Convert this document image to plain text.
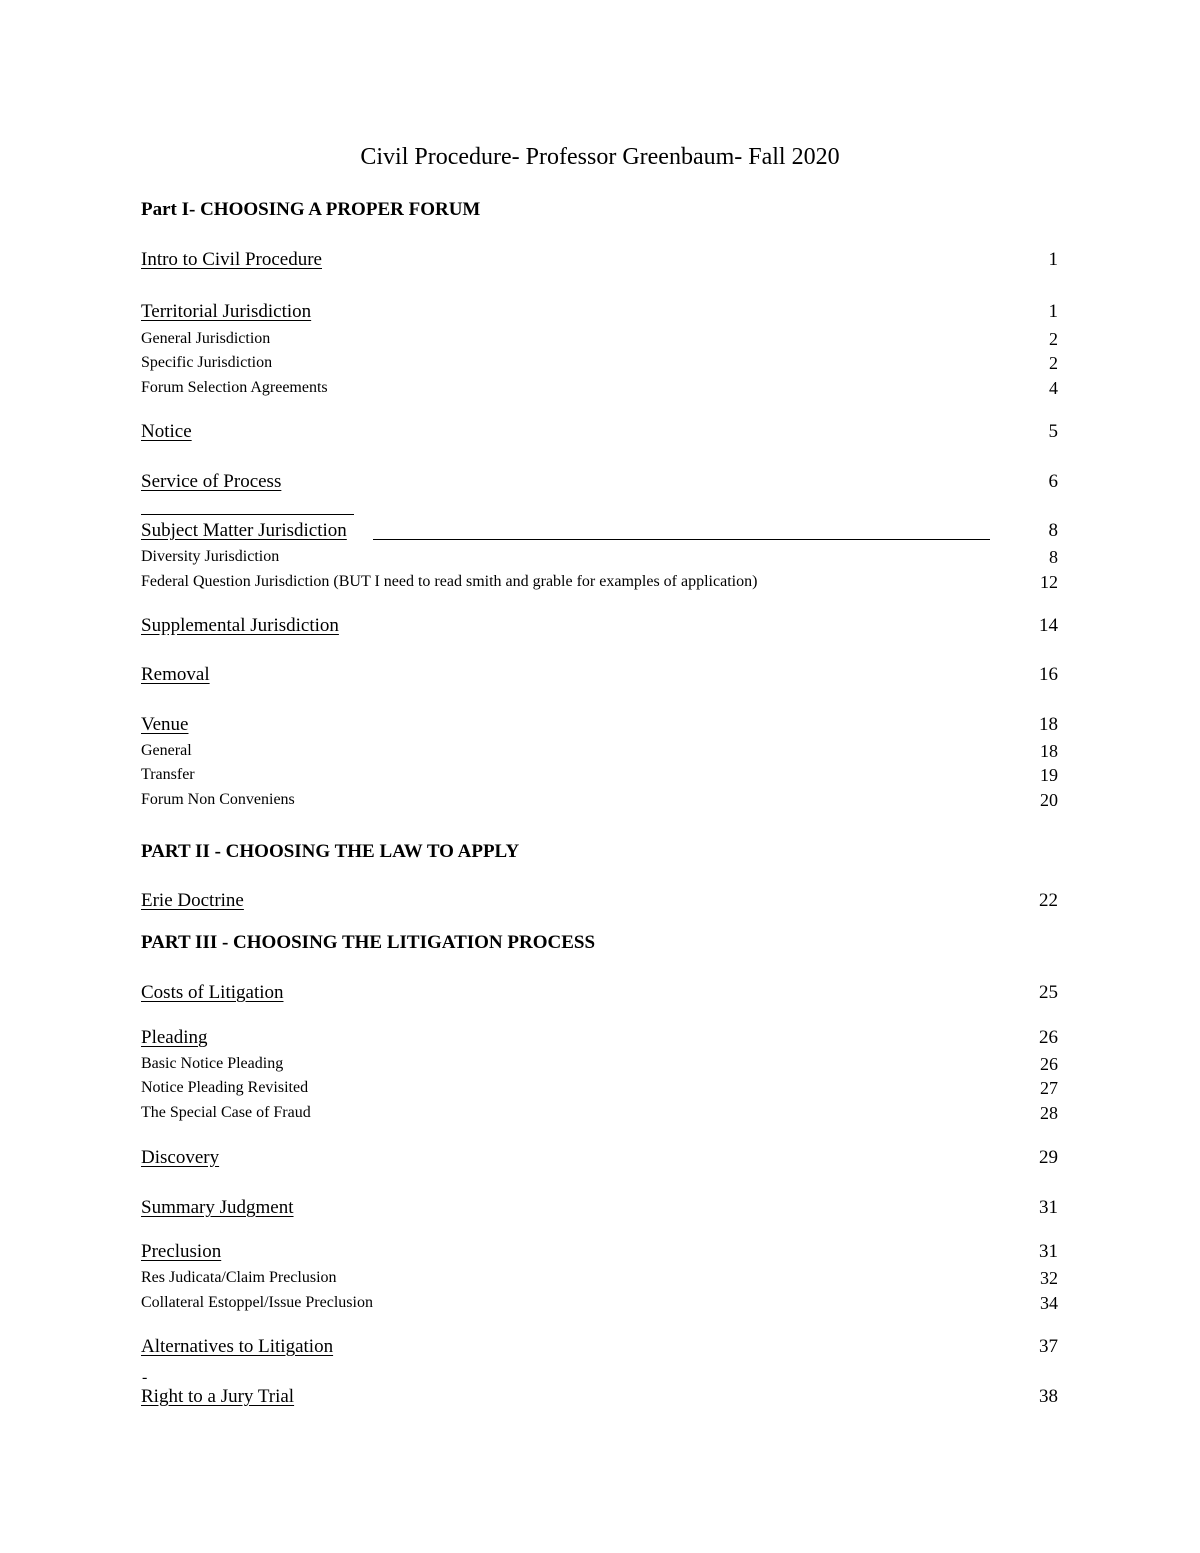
Civil Procedure- Professor Greenbaum- Fall 2020
Part I- CHOOSING A PROPER FORUM
Intro to Civil Procedure	1
Territorial Jurisdiction	1
General Jurisdiction	2
Specific Jurisdiction	2
Forum Selection Agreements	4
Notice	5
Service of Process	6
Subject Matter Jurisdiction	8
Diversity Jurisdiction	8
Federal Question Jurisdiction (BUT I need to read smith and grable for examples of application)	12
Supplemental Jurisdiction	14
Removal	16
Venue	18
General	18
Transfer	19
Forum Non Conveniens	20
PART II - CHOOSING THE LAW TO APPLY
Erie Doctrine	22
PART III - CHOOSING THE LITIGATION PROCESS
Costs of Litigation	25
Pleading	26
Basic Notice Pleading	26
Notice Pleading Revisited	27
The Special Case of Fraud	28
Discovery	29
Summary Judgment	31
Preclusion	31
Res Judicata/Claim Preclusion	32
Collateral Estoppel/Issue Preclusion	34
Alternatives to Litigation	37
-
Right to a Jury Trial	38
